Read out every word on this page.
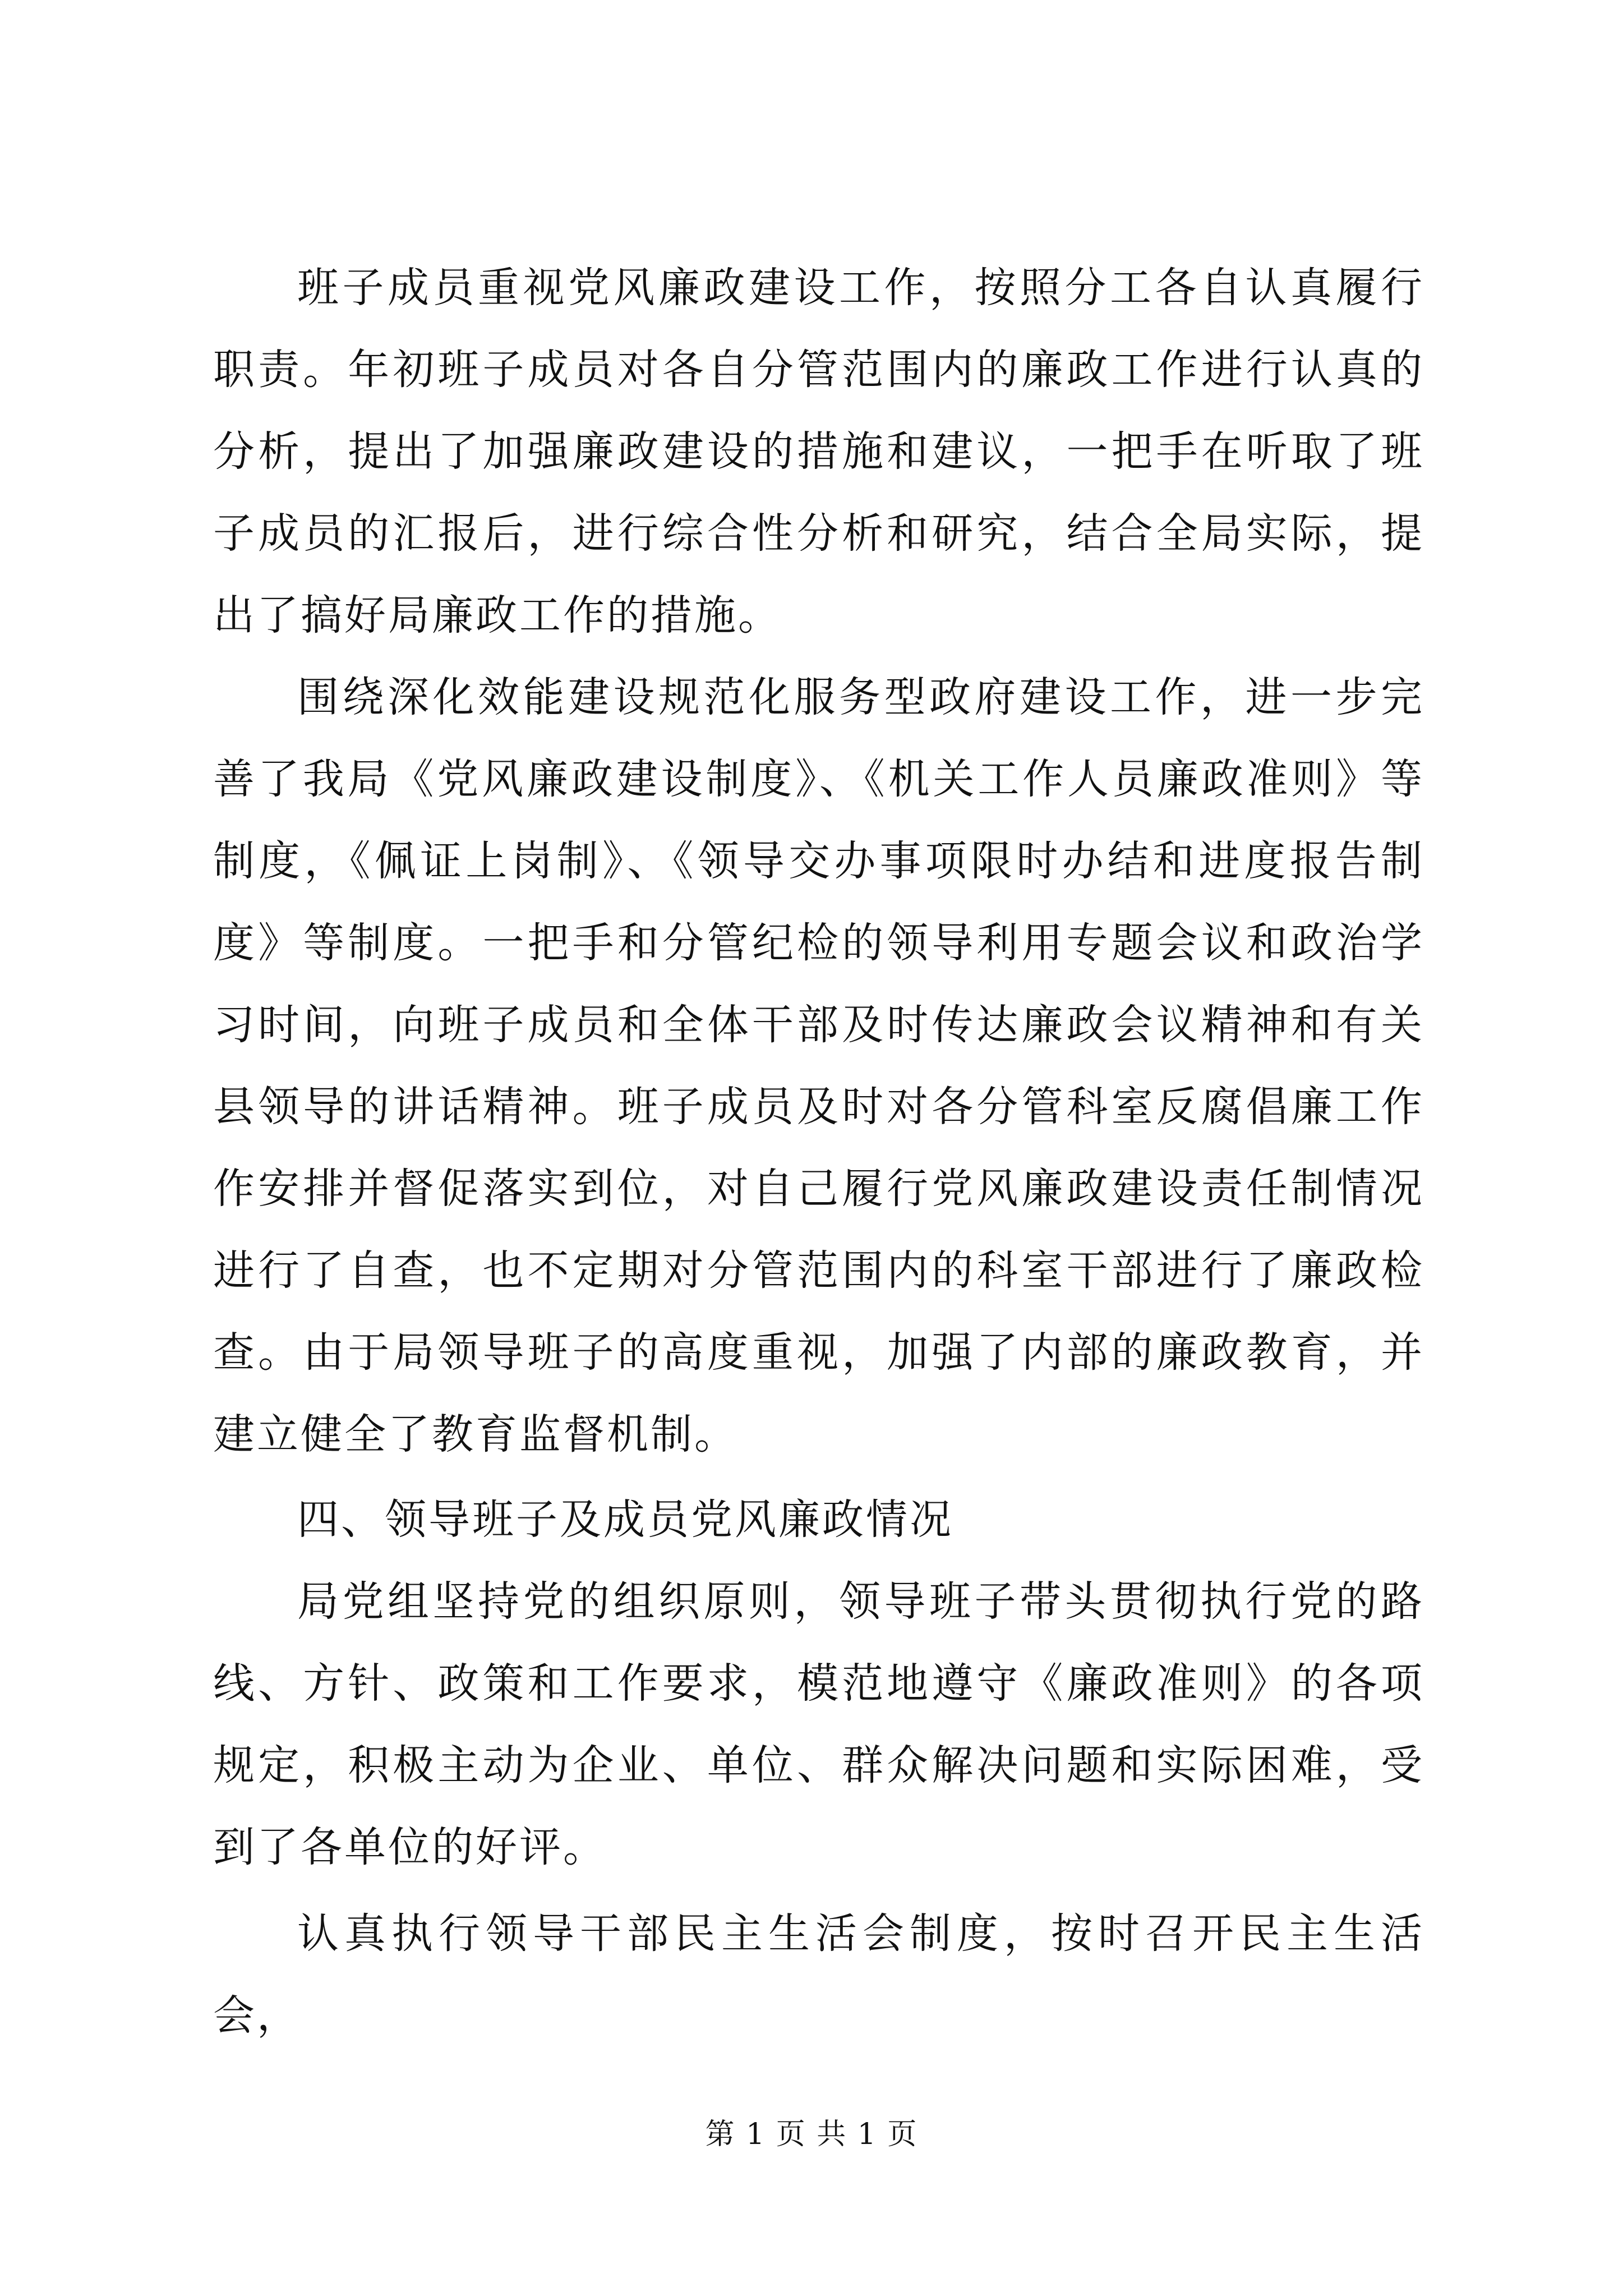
班子成员重视党风廉政建设工作，按照分工各自认真履行职责。年初班子成员对各自分管范围内的廉政工作进行认真的分析，提出了加强廉政建设的措施和建议，一把手在听取了班子成员的汇报后，进行综合性分析和研究，结合全局实际，提出了搞好局廉政工作的措施。

围绕深化效能建设规范化服务型政府建设工作，进一步完善了我局《党风廉政建设制度》、《机关工作人员廉政准则》等制度，《佩证上岗制》、《领导交办事项限时办结和进度报告制度》等制度。一把手和分管纪检的领导利用专题会议和政治学习时间，向班子成员和全体干部及时传达廉政会议精神和有关县领导的讲话精神。班子成员及时对各分管科室反腐倡廉工作作安排并督促落实到位，对自己履行党风廉政建设责任制情况进行了自查，也不定期对分管范围内的科室干部进行了廉政检查。由于局领导班子的高度重视，加强了内部的廉政教育，并建立健全了教育监督机制。

四、领导班子及成员党风廉政情况

局党组坚持党的组织原则，领导班子带头贯彻执行党的路线、方针、政策和工作要求，模范地遵守《廉政准则》的各项规定，积极主动为企业、单位、群众解决问题和实际困难，受到了各单位的好评。

认真执行领导干部民主生活会制度，按时召开民主生活会，

第 1 页 共 1 页
